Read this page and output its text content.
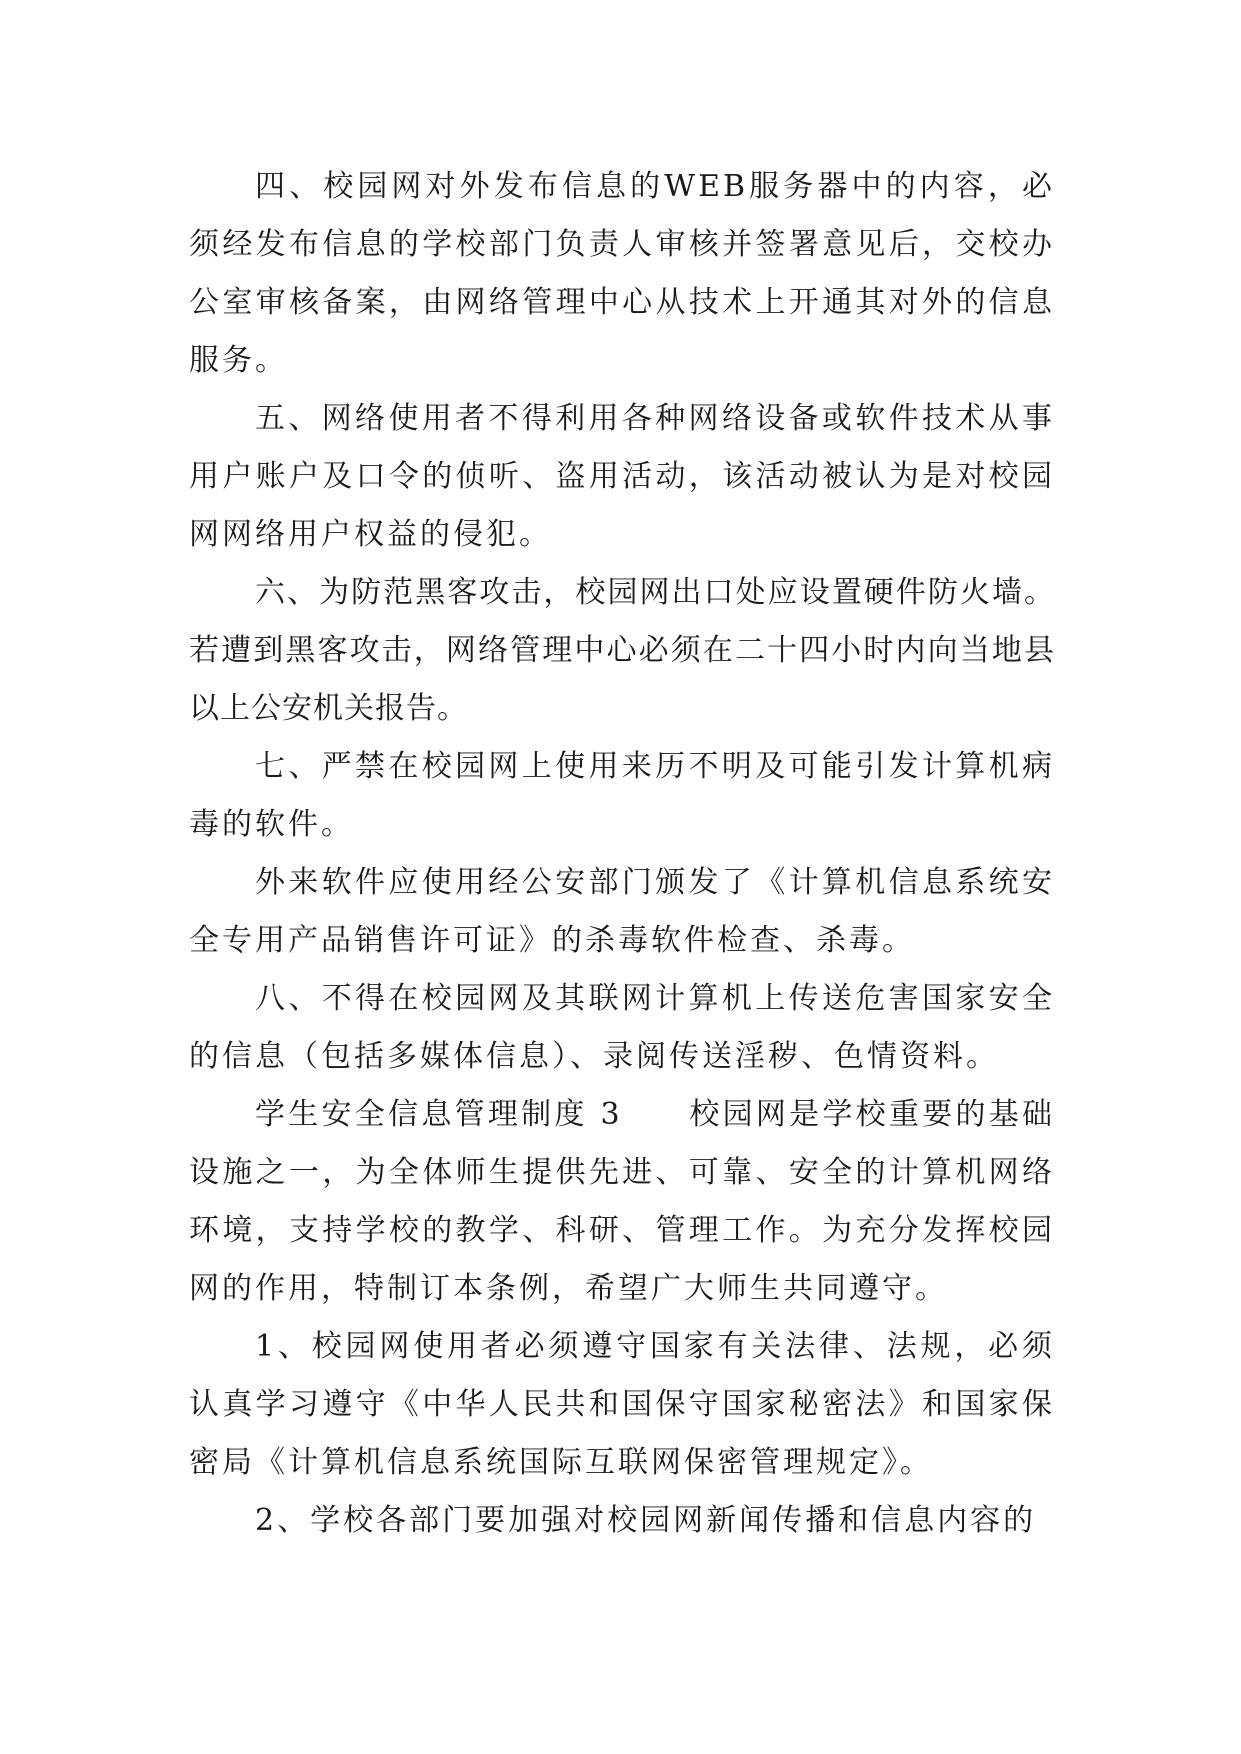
四、校园网对外发布信息的WEB服务器中的内容，必须经发布信息的学校部门负责人审核并签署意见后，交校办公室审核备案，由网络管理中心从技术上开通其对外的信息服务。

五、网络使用者不得利用各种网络设备或软件技术从事用户账户及口令的侦听、盗用活动，该活动被认为是对校园网网络用户权益的侵犯。

六、为防范黑客攻击，校园网出口处应设置硬件防火墙。若遭到黑客攻击，网络管理中心必须在二十四小时内向当地县以上公安机关报告。

七、严禁在校园网上使用来历不明及可能引发计算机病毒的软件。

外来软件应使用经公安部门颁发了《计算机信息系统安全专用产品销售许可证》的杀毒软件检查、杀毒。

八、不得在校园网及其联网计算机上传送危害国家安全的信息（包括多媒体信息）、录阅传送淫秽、色情资料。

学生安全信息管理制度 3　　校园网是学校重要的基础设施之一，为全体师生提供先进、可靠、安全的计算机网络环境，支持学校的教学、科研、管理工作。为充分发挥校园网的作用，特制订本条例，希望广大师生共同遵守。

1、校园网使用者必须遵守国家有关法律、法规，必须认真学习遵守《中华人民共和国保守国家秘密法》和国家保密局《计算机信息系统国际互联网保密管理规定》。

2、学校各部门要加强对校园网新闻传播和信息内容的
